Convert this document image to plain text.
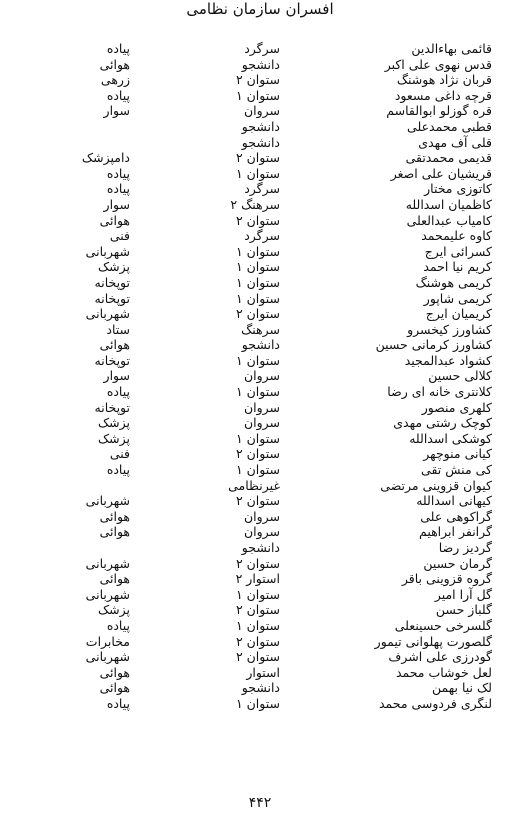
افسران سازمان نظامی
قائمی بهاءالدین
سرگرد
پیاده
قدس نهوی علی اکبر
دانشجو
هوائی
قربان نژاد هوشنگ
ستوان ۲
زرهی
قرچه داغی مسعود
ستوان ۱
پیاده
قره گوزلو ابوالقاسم
سروان
سوار
قطبی محمدعلی
دانشجو
قلی آف مهدی
دانشجو
قدیمی محمدتقی
ستوان ۲
دامپزشک
قریشیان علی اصغر
ستوان ۱
پیاده
کاتوزی مختار
سرگرد
پیاده
کاظمیان اسدالله
سرهنگ ۲
سوار
کامیاب عبدالعلی
ستوان ۲
هوائی
کاوه علیمحمد
سرگرد
فنی
کسرائی ایرج
ستوان ۱
شهربانی
کریم نیا احمد
ستوان ۱
پزشک
کریمی هوشنگ
ستوان ۱
توپخانه
کریمی شاپور
ستوان ۱
توپخانه
کریمیان ایرج
ستوان ۲
شهربانی
کشاورز کیخسرو
سرهنگ
ستاد
کشاورز کرمانی حسین
دانشجو
هوائی
کشواد عبدالمجید
ستوان ۱
توپخانه
کلالی حسین
سروان
سوار
کلانتری خانه ای رضا
ستوان ۱
پیاده
کلهری منصور
سروان
توپخانه
کوچک رشتی مهدی
سروان
پزشک
کوشکی اسدالله
ستوان ۱
پزشک
کیانی منوچهر
ستوان ۲
فنی
کی منش تقی
ستوان ۱
پیاده
کیوان قزوینی مرتضی
غیرنظامی
کیهانی اسدالله
ستوان ۲
شهربانی
گراکوهی علی
سروان
هوائی
گرانفر ابراهیم
سروان
هوائی
گردیز رضا
دانشجو
گرمان حسین
ستوان ۲
شهربانی
گروه قزوینی باقر
استوار ۲
هوائی
گل آرا امیر
ستوان ۱
شهربانی
گلباز حسن
ستوان ۲
پزشک
گلسرخی حسینعلی
ستوان ۱
پیاده
گلصورت پهلوانی تیمور
ستوان ۲
مخابرات
گودرزی علی اشرف
ستوان ۲
شهربانی
لعل خوشاب محمد
استوار
هوائی
لک نیا بهمن
دانشجو
هوائی
لنگری فردوسی محمد
ستوان ۱
پیاده
۴۴۲
